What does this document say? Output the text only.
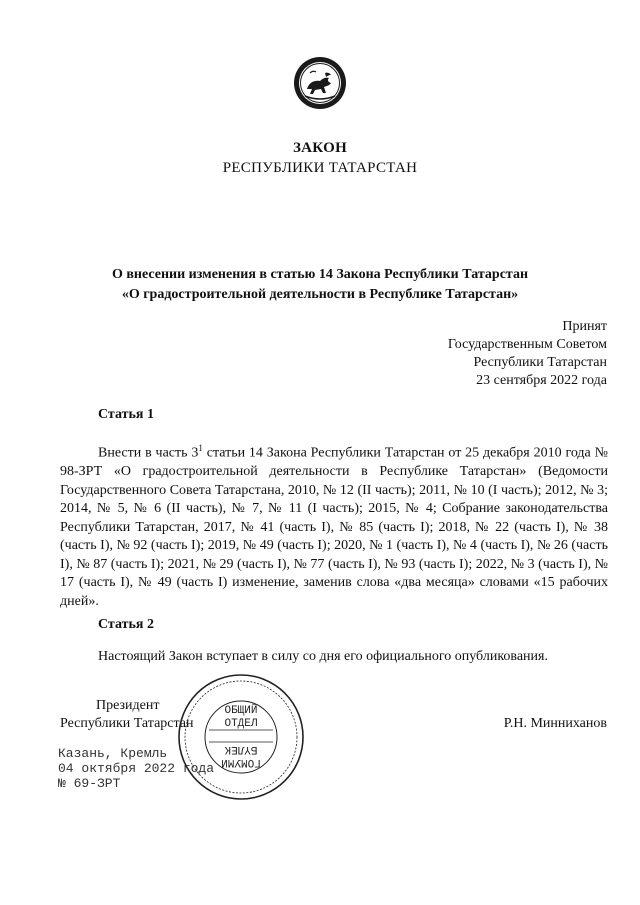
ЗАКОН
РЕСПУБЛИКИ ТАТАРСТАН
О внесении изменения в статью 14 Закона Республики Татарстан
«О градостроительной деятельности в Республике Татарстан»
Принят
Государственным Советом
Республики Татарстан
23 сентября 2022 года
Статья 1
Внести в часть $3^1$ статьи 14 Закона Республики Татарстан от 25 декабря 2010 года № 98-ЗРТ «О градостроительной деятельности в Республике Татарстан» (Ведомости Государственного Совета Татарстана, 2010, № 12 (II часть); 2011, № 10 (I часть); 2012, № 3; 2014, № 5, № 6 (II часть), № 7, № 11 (I часть); 2015, № 4; Собрание законодательства Республики Татарстан, 2017, № 41 (часть I), № 85 (часть I); 2018, № 22 (часть I), № 38 (часть I), № 92 (часть I); 2019, № 49 (часть I); 2020, № 1 (часть I), № 4 (часть I), № 26 (часть I), № 87 (часть I); 2021, № 29 (часть I), № 77 (часть I), № 93 (часть I); 2022, № 3 (часть I), № 17 (часть I), № 49 (часть I) изменение, заменив слова «два месяца» словами «15 рабочих дней».
Статья 2
Настоящий Закон вступает в силу со дня его официального опубликования.
Президент
Республики Татарстан	Р.Н. Минниханов
Казань, Кремль
04 октября 2022 года
№ 69-ЗРТ
ОБЩИЙ
ОТДЕЛ
БҮЛЕК
ГОМУМИ
